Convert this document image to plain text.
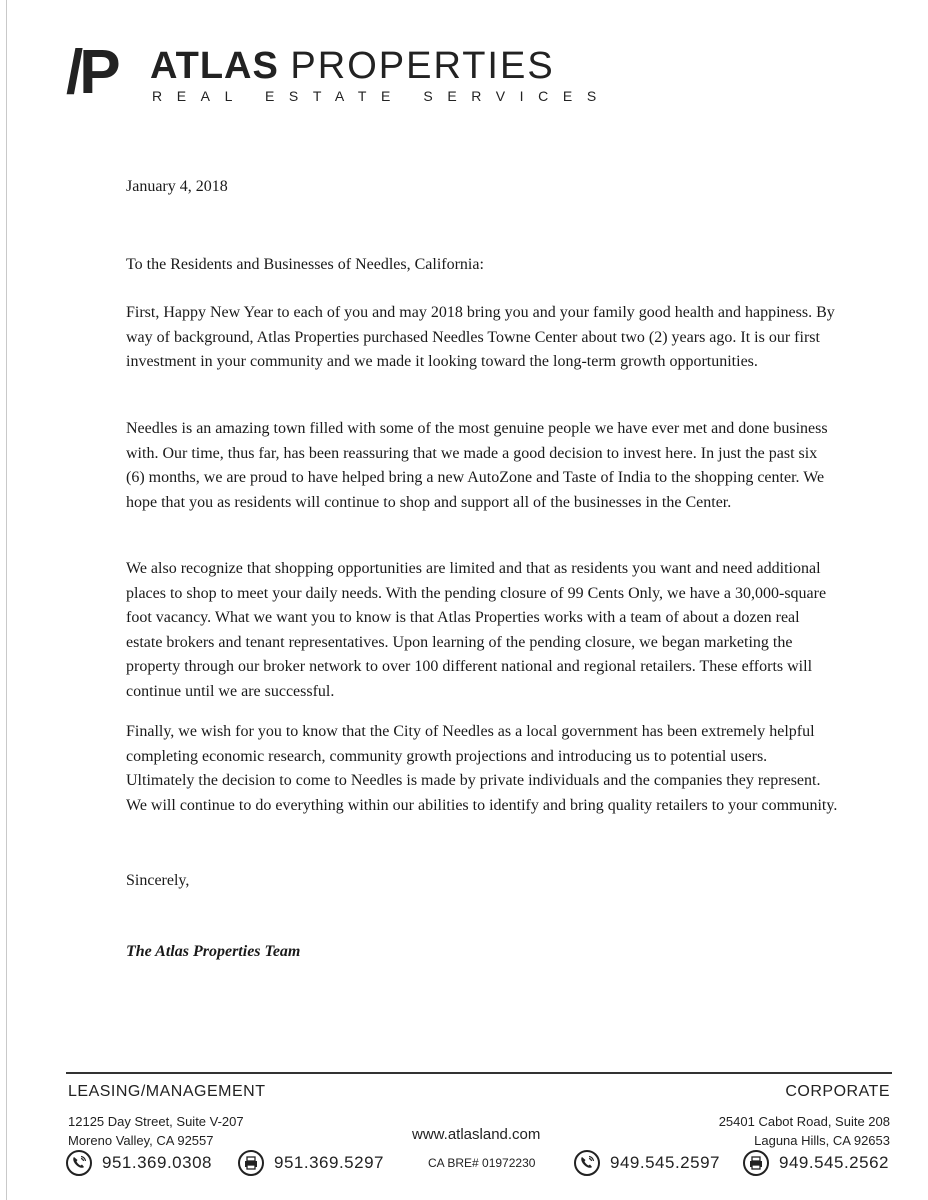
/P ATLAS PROPERTIES
REAL ESTATE SERVICES
January 4, 2018
To the Residents and Businesses of Needles, California:

First, Happy New Year to each of you and may 2018 bring you and your family good health and happiness. By way of background, Atlas Properties purchased Needles Towne Center about two (2) years ago. It is our first investment in your community and we made it looking toward the long-term growth opportunities.

Needles is an amazing town filled with some of the most genuine people we have ever met and done business with. Our time, thus far, has been reassuring that we made a good decision to invest here. In just the past six (6) months, we are proud to have helped bring a new AutoZone and Taste of India to the shopping center. We hope that you as residents will continue to shop and support all of the businesses in the Center.

We also recognize that shopping opportunities are limited and that as residents you want and need additional places to shop to meet your daily needs. With the pending closure of 99 Cents Only, we have a 30,000-square foot vacancy. What we want you to know is that Atlas Properties works with a team of about a dozen real estate brokers and tenant representatives. Upon learning of the pending closure, we began marketing the property through our broker network to over 100 different national and regional retailers. These efforts will continue until we are successful.

Finally, we wish for you to know that the City of Needles as a local government has been extremely helpful completing economic research, community growth projections and introducing us to potential users. Ultimately the decision to come to Needles is made by private individuals and the companies they represent. We will continue to do everything within our abilities to identify and bring quality retailers to your community.

Sincerely,
The Atlas Properties Team
LEASING/MANAGEMENT	CORPORATE
12125 Day Street, Suite V-207
Moreno Valley, CA 92557
25401 Cabot Road, Suite 208
Laguna Hills, CA 92653
www.atlasland.com
CA BRE# 01972230
951.369.0308	951.369.5297	949.545.2597	949.545.2562
